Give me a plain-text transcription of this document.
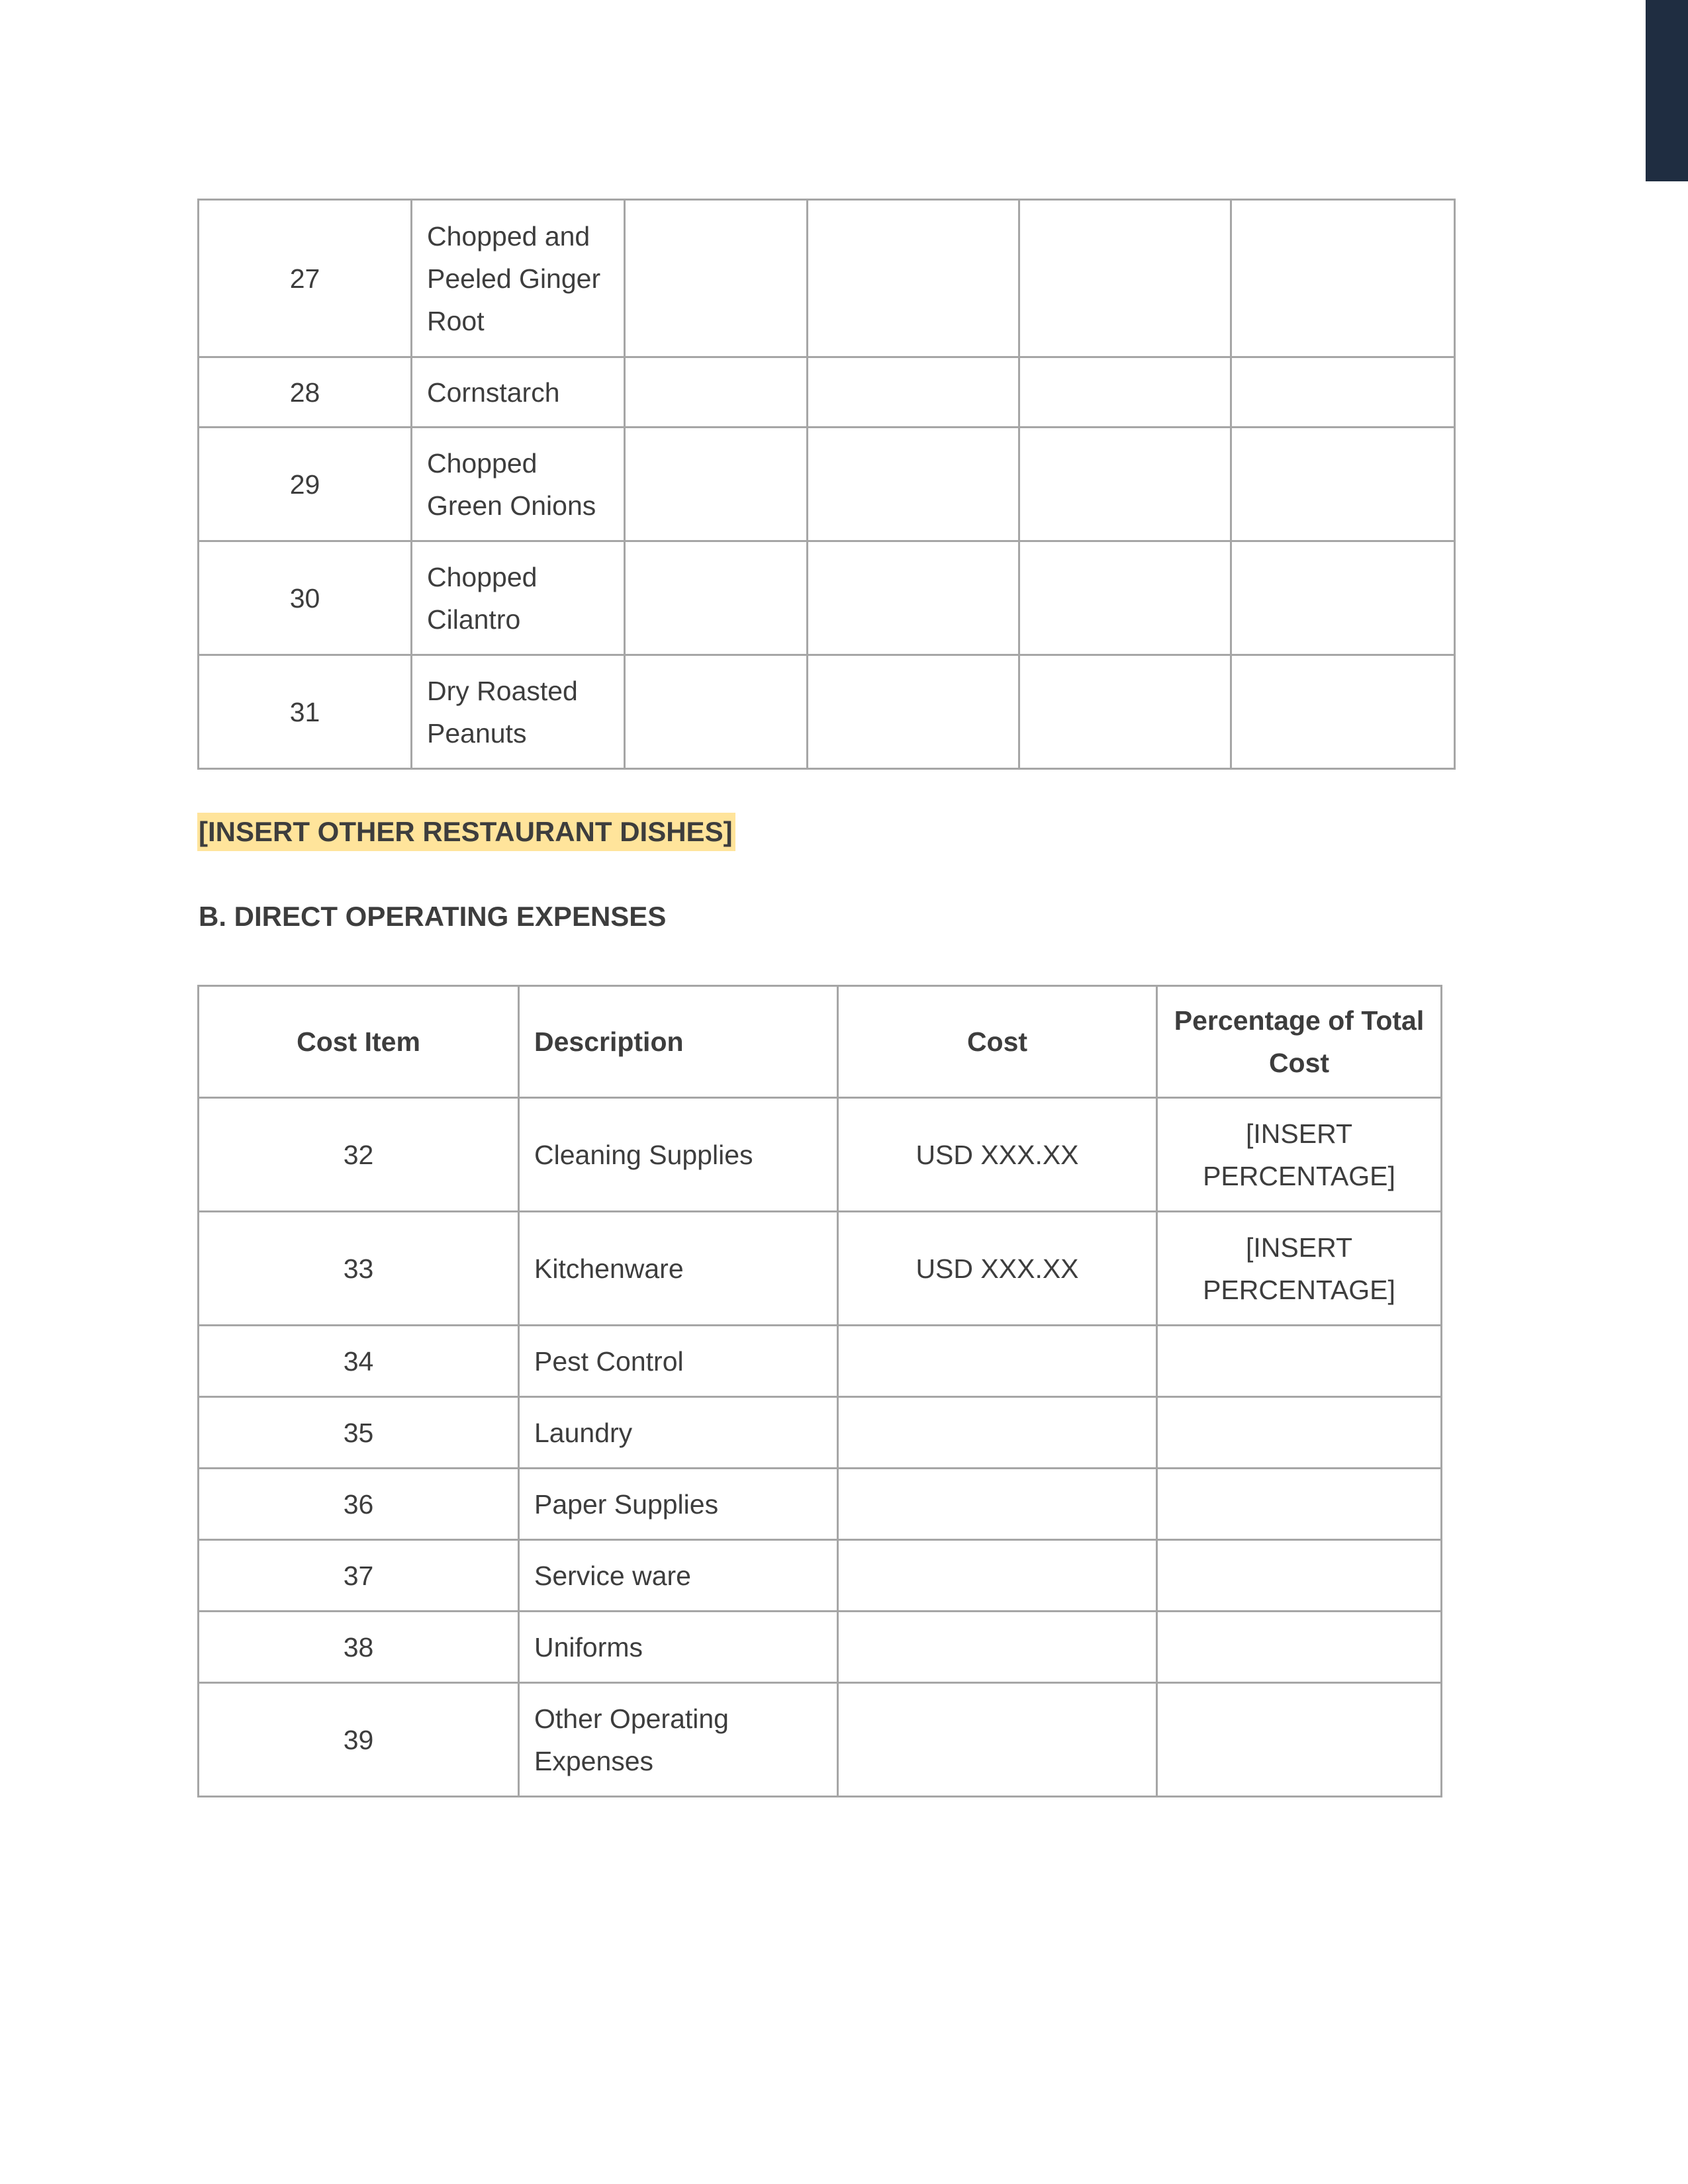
27	Chopped and Peeled Ginger Root				
28	Cornstarch				
29	Chopped Green Onions				
30	Chopped Cilantro				
31	Dry Roasted Peanuts				
[INSERT OTHER RESTAURANT DISHES]
B. DIRECT OPERATING EXPENSES
Cost Item	Description	Cost	Percentage of Total Cost
32	Cleaning Supplies	USD XXX.XX	[INSERT PERCENTAGE]
33	Kitchenware	USD XXX.XX	[INSERT PERCENTAGE]
34	Pest Control		
35	Laundry		
36	Paper Supplies		
37	Service ware		
38	Uniforms		
39	Other Operating Expenses		
